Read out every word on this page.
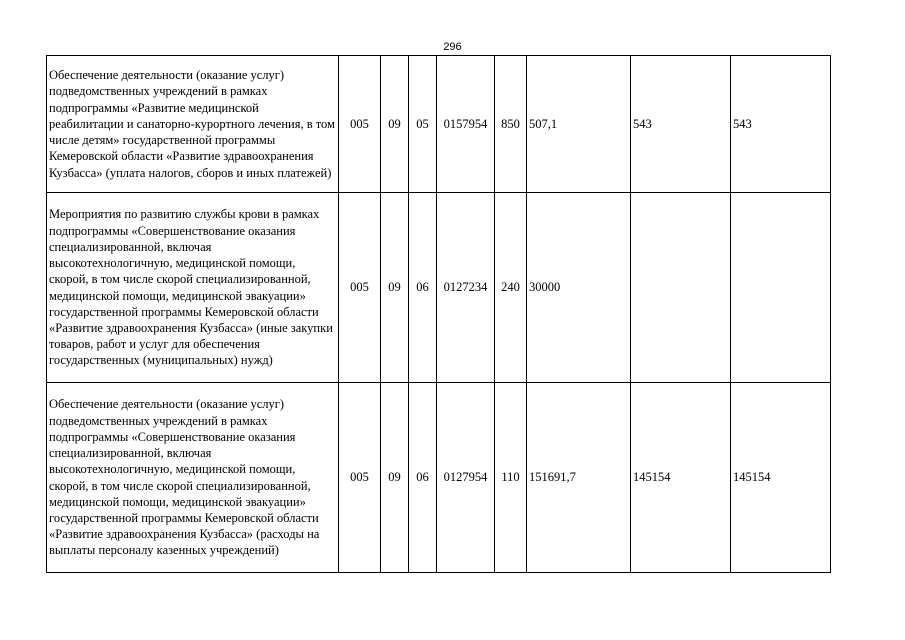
296
Обеспечение деятельности (оказание услуг) подведомственных учреждений в рамках подпрограммы «Развитие медицинской реабилитации и санаторно-курортного лечения, в том числе детям» государственной программы Кемеровской области «Развитие здравоохранения Кузбасса» (уплата налогов, сборов и иных платежей)	005	09	05	0157954	850	507,1	543	543
Мероприятия по развитию службы крови в рамках подпрограммы «Совершенствование оказания специализированной, включая высокотехнологичную, медицинской помощи, скорой, в том числе скорой специализированной, медицинской помощи, медицинской эвакуации» государственной программы Кемеровской области «Развитие здравоохранения Кузбасса» (иные закупки товаров, работ и услуг для обеспечения государственных (муниципальных) нужд)	005	09	06	0127234	240	30000		
Обеспечение деятельности (оказание услуг) подведомственных учреждений в рамках подпрограммы «Совершенствование оказания специализированной, включая высокотехнологичную, медицинской помощи, скорой, в том числе скорой специализированной, медицинской помощи, медицинской эвакуации» государственной программы Кемеровской области «Развитие здравоохранения Кузбасса» (расходы на выплаты персоналу казенных учреждений)	005	09	06	0127954	110	151691,7	145154	145154
